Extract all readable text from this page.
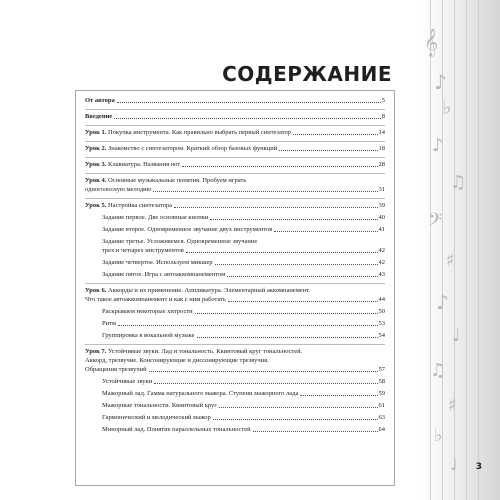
𝄞
♪
♭
♪
♫
𝄢
♯
♪
♩
♫
♯
♭
♩
СОДЕРЖАНИЕ
От автора	5
Введение	8
Урок 1. Покупка инструмента. Как правильно выбрать первый синтезатор	14
Урок 2. Знакомство с синтезатором. Краткий обзор базовых функций	18
Урок 3. Клавиатура. Названия нот	28
Урок 4. Основные музыкальные понятия. Пробуем играть
одноголосную мелодию	31
Урок 5. Настройка синтезатора	39
Задание первое. Две основные кнопки	40
Задание второе. Одновременное звучание двух инструментов	41
Задание третье. Усложняемся. Одновременное звучание
трех и четырех инструментов	42
Задание четвертое. Используем микшер	42
Задание пятое. Игра с автоаккомпанементом	43
Урок 6. Аккорды и их применение. Аппликатура. Элементарный аккомпанемент.
Что такое автоаккомпанемент и как с ним работать	44
Раскрываем некоторые хитрости	50
Ритм	53
Группировка в вокальной музыке	54
Урок 7. Устойчивые звуки. Лад и тональность. Квинтовый круг тональностей.
Аккорд, трезвучие. Консонирующие и диссонирующие трезвучия.
Обращения трезвучий	57
Устойчивые звуки	58
Мажорный лад. Гамма натурального мажора. Ступени мажорного лада	59
Мажорные тональности. Квинтовый круг	61
Гармонический и мелодический мажор	63
Минорный лад. Понятие параллельных тональностей	64
3
